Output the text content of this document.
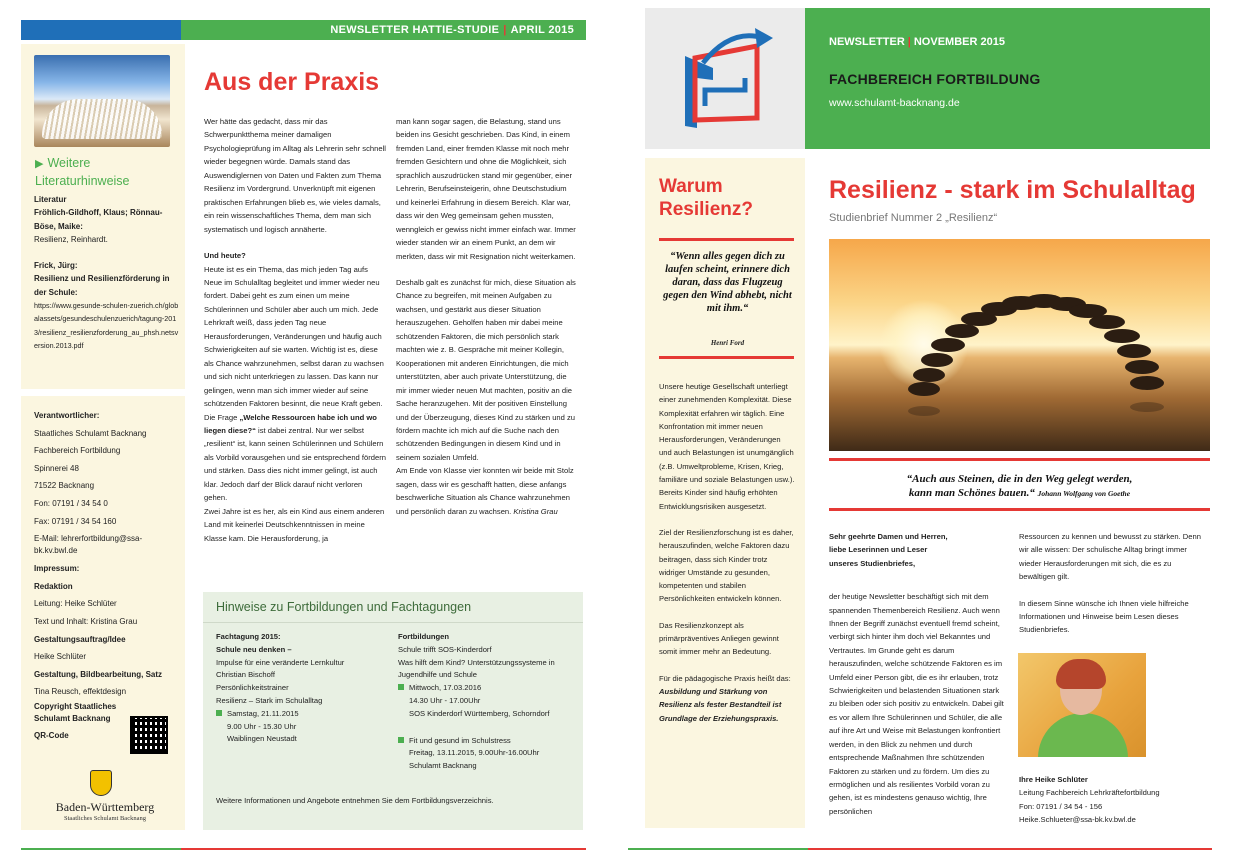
NEWSLETTER HATTIE-STUDIE | APRIL 2015
▶ Weitere Literaturhinweise
Literatur
Fröhlich-Gildhoff, Klaus; Rönnau-Böse, Maike:
Resilienz, Reinhardt.
Frick, Jürg:
Resilienz und Resilienzförderung in der Schule:
https://www.gesunde-schulen-zuerich.ch/globalassets/gesundeschulenzuerich/tagung-2013/resilienz_resilienzforderung_au_phsh.netsversion.2013.pdf
Verantwortlicher:
Staatliches Schulamt Backnang
Fachbereich Fortbildung
Spinnerei 48
71522 Backnang
Fon: 07191 / 34 54 0
Fax: 07191 / 34 54 160
E-Mail: lehrerfortbildung@ssa-bk.kv.bwl.de
Impressum:
Redaktion
Leitung: Heike Schlüter
Text und Inhalt: Kristina Grau
Gestaltungsauftrag/Idee
Heike Schlüter
Gestaltung, Bildbearbeitung, Satz
Tina Reusch, effektdesign
Copyright Staatliches Schulamt Backnang
QR-Code
Baden-Württemberg
Staatliches Schulamt Backnang
Aus der Praxis
Wer hätte das gedacht, dass mir das Schwerpunktthema meiner damaligen Psychologieprüfung im Alltag als Lehrerin sehr schnell wieder begegnen würde. Damals stand das Auswendiglernen von Daten und Fakten zum Thema Resilienz im Vordergrund. Unverknüpft mit eigenen praktischen Erfahrungen blieb es, wie vieles damals, ein rein wissenschaftliches Thema, dem man sich systematisch und logisch annäherte.
Und heute?
Heute ist es ein Thema, das mich jeden Tag aufs Neue im Schulalltag begleitet und immer wieder neu fordert. Dabei geht es zum einen um meine Schülerinnen und Schüler aber auch um mich. Jede Lehrkraft weiß, dass jeden Tag neue Herausforderungen, Veränderungen und häufig auch Schwierigkeiten auf sie warten. Wichtig ist es, diese als Chance wahrzunehmen, selbst daran zu wachsen und sich nicht unterkriegen zu lassen. Das kann nur gelingen, wenn man sich immer wieder auf seine schützenden Faktoren besinnt, die neue Kraft geben.
Die Frage „Welche Ressourcen habe ich und wo liegen diese?“ ist dabei zentral. Nur wer selbst „resilient“ ist, kann seinen Schülerinnen und Schülern als Vorbild vorausgehen und sie entsprechend fördern und stärken. Dass dies nicht immer gelingt, ist auch klar. Jedoch darf der Blick darauf nicht verloren gehen.
Zwei Jahre ist es her, als ein Kind aus einem anderen Land mit keinerlei Deutschkenntnissen in meine Klasse kam. Die Herausforderung, ja
man kann sogar sagen, die Belastung, stand uns beiden ins Gesicht geschrieben. Das Kind, in einem fremden Land, einer fremden Klasse mit noch mehr fremden Gesichtern und ohne die Möglichkeit, sich sprachlich auszudrücken stand mir gegenüber, einer Lehrerin, Berufseinsteigerin, ohne Deutschstudium und keinerlei Erfahrung in diesem Bereich. Klar war, dass wir den Weg gemeinsam gehen mussten, wenngleich er gewiss nicht immer einfach war. Immer wieder standen wir an einem Punkt, an dem wir merkten, dass wir mit Resignation nicht weiterkamen.
Deshalb galt es zunächst für mich, diese Situation als Chance zu begreifen, mit meinen Aufgaben zu wachsen, und gestärkt aus dieser Situation herauszugehen. Geholfen haben mir dabei meine schützenden Faktoren, die mich persönlich stark machten wie z. B. Gespräche mit meiner Kollegin, Kooperationen mit anderen Einrichtungen, die mich unterstützten, aber auch private Unterstützung, die mir immer wieder neuen Mut machten, positiv an die Sache heranzugehen. Mit der positiven Einstellung und der Überzeugung, dieses Kind zu stärken und zu fördern machte ich mich auf die Suche nach den schützenden Bedingungen in diesem Kind und in seinem sozialen Umfeld.
Am Ende von Klasse vier konnten wir beide mit Stolz sagen, dass wir es geschafft hatten, diese anfangs beschwerliche Situation als Chance wahrzunehmen und persönlich daran zu wachsen. Kristina Grau
Hinweise zu Fortbildungen und Fachtagungen
Fachtagung 2015:
Schule neu denken –
Impulse für eine veränderte Lernkultur
Christian Bischoff
Persönlichkeitstrainer
Resilienz – Stark im Schulalltag
Samstag, 21.11.2015
9.00 Uhr - 15.30 Uhr
Waiblingen Neustadt
Fortbildungen
Schule trifft SOS-Kinderdorf
Was hilft dem Kind? Unterstützungssysteme in Jugendhilfe und Schule
Mittwoch, 17.03.2016
14.30 Uhr - 17.00Uhr
SOS Kinderdorf Württemberg, Schorndorf
Fit und gesund im Schulstress
Freitag, 13.11.2015, 9.00Uhr-16.00Uhr
Schulamt Backnang
Weitere Informationen und Angebote entnehmen Sie dem Fortbildungsverzeichnis.
NEWSLETTER | NOVEMBER 2015
FACHBEREICH FORTBILDUNG
www.schulamt-backnang.de
Warum
Resilienz?
“Wenn alles gegen dich zu laufen scheint, erinnere dich daran, dass das Flugzeug gegen den Wind abhebt, nicht mit ihm.“
Henri Ford
Unsere heutige Gesellschaft unterliegt einer zunehmenden Komplexität. Diese Komplexität erfahren wir täglich. Eine Konfrontation mit immer neuen Herausforderungen, Veränderungen und auch Belastungen ist unumgänglich (z.B. Umweltprobleme, Krisen, Krieg, familiäre und soziale Belastungen usw.). Bereits Kinder sind häufig erhöhten Entwicklungsrisiken ausgesetzt.
Ziel der Resilienzforschung ist es daher, herauszufinden, welche Faktoren dazu beitragen, dass sich Kinder trotz widriger Umstände zu gesunden, kompetenten und stabilen Persönlichkeiten entwickeln können.
Das Resilienzkonzept als primärpräventives Anliegen gewinnt somit immer mehr an Bedeutung.
Für die pädagogische Praxis heißt das:
Ausbildung und Stärkung von Resilienz als fester Bestandteil ist Grundlage der Erziehungspraxis.
Resilienz - stark im Schulalltag
Studienbrief Nummer 2 „Resilienz“
“Auch aus Steinen, die in den Weg gelegt werden,
kann man Schönes bauen.“ Johann Wolfgang von Goethe
Sehr geehrte Damen und Herren,
liebe Leserinnen und Leser
unseres Studienbriefes,
der heutige Newsletter beschäftigt sich mit dem spannenden Themenbereich Resilienz. Auch wenn Ihnen der Begriff zunächst eventuell fremd scheint, verbirgt sich hinter ihm doch viel Bekanntes und Vertrautes. Im Grunde geht es darum herauszufinden, welche schützende Faktoren es im Umfeld einer Person gibt, die es ihr erlauben, trotz Schwierigkeiten und belastenden Situationen stark zu bleiben oder sich positiv zu entwickeln. Dabei gilt es vor allem Ihre Schülerinnen und Schüler, die alle auf ihre Art und Weise mit Belastungen konfrontiert werden, in den Blick zu nehmen und durch entsprechende Maßnahmen Ihre schützenden Faktoren zu stärken und zu fördern. Um dies zu ermöglichen und als resilientes Vorbild voran zu gehen, ist es mindestens genauso wichtig, Ihre persönlichen
Ressourcen zu kennen und bewusst zu stärken. Denn wir alle wissen: Der schulische Alltag bringt immer wieder Herausforderungen mit sich, die es zu bewältigen gilt.
In diesem Sinne wünsche ich Ihnen viele hilfreiche Informationen und Hinweise beim Lesen dieses Studienbriefes.
Ihre Heike Schlüter
Leitung Fachbereich Lehrkräftefortbildung
Fon: 07191 / 34 54 - 156
Heike.Schlueter@ssa-bk.kv.bwl.de
